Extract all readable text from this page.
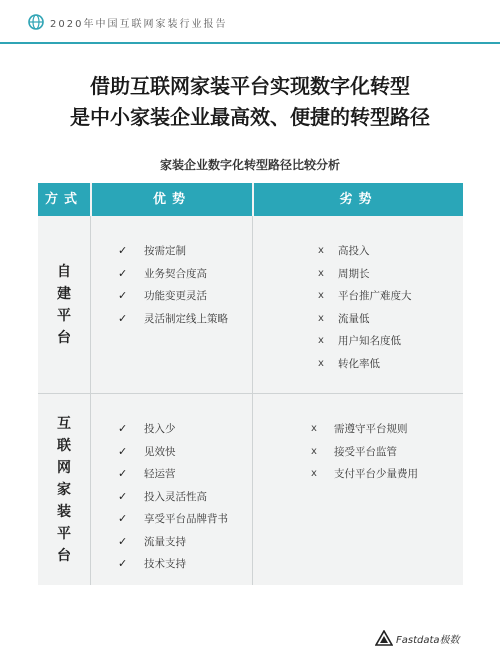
2020年中国互联网家装行业报告
借助互联网家装平台实现数字化转型
是中小家装企业最高效、便捷的转型路径
家装企业数字化转型路径比较分析
方式	优势	劣势
自
建
平
台
✓ 按需定制
✓ 业务契合度高
✓ 功能变更灵活
✓ 灵活制定线上策略
x 高投入
x 周期长
x 平台推广难度大
x 流量低
x 用户知名度低
x 转化率低
互
联
网
家
装
平
台
✓ 投入少
✓ 见效快
✓ 轻运营
✓ 投入灵活性高
✓ 享受平台品牌背书
✓ 流量支持
✓ 技术支持
x 需遵守平台规则
x 接受平台监管
x 支付平台少量费用
Fastdata极数
